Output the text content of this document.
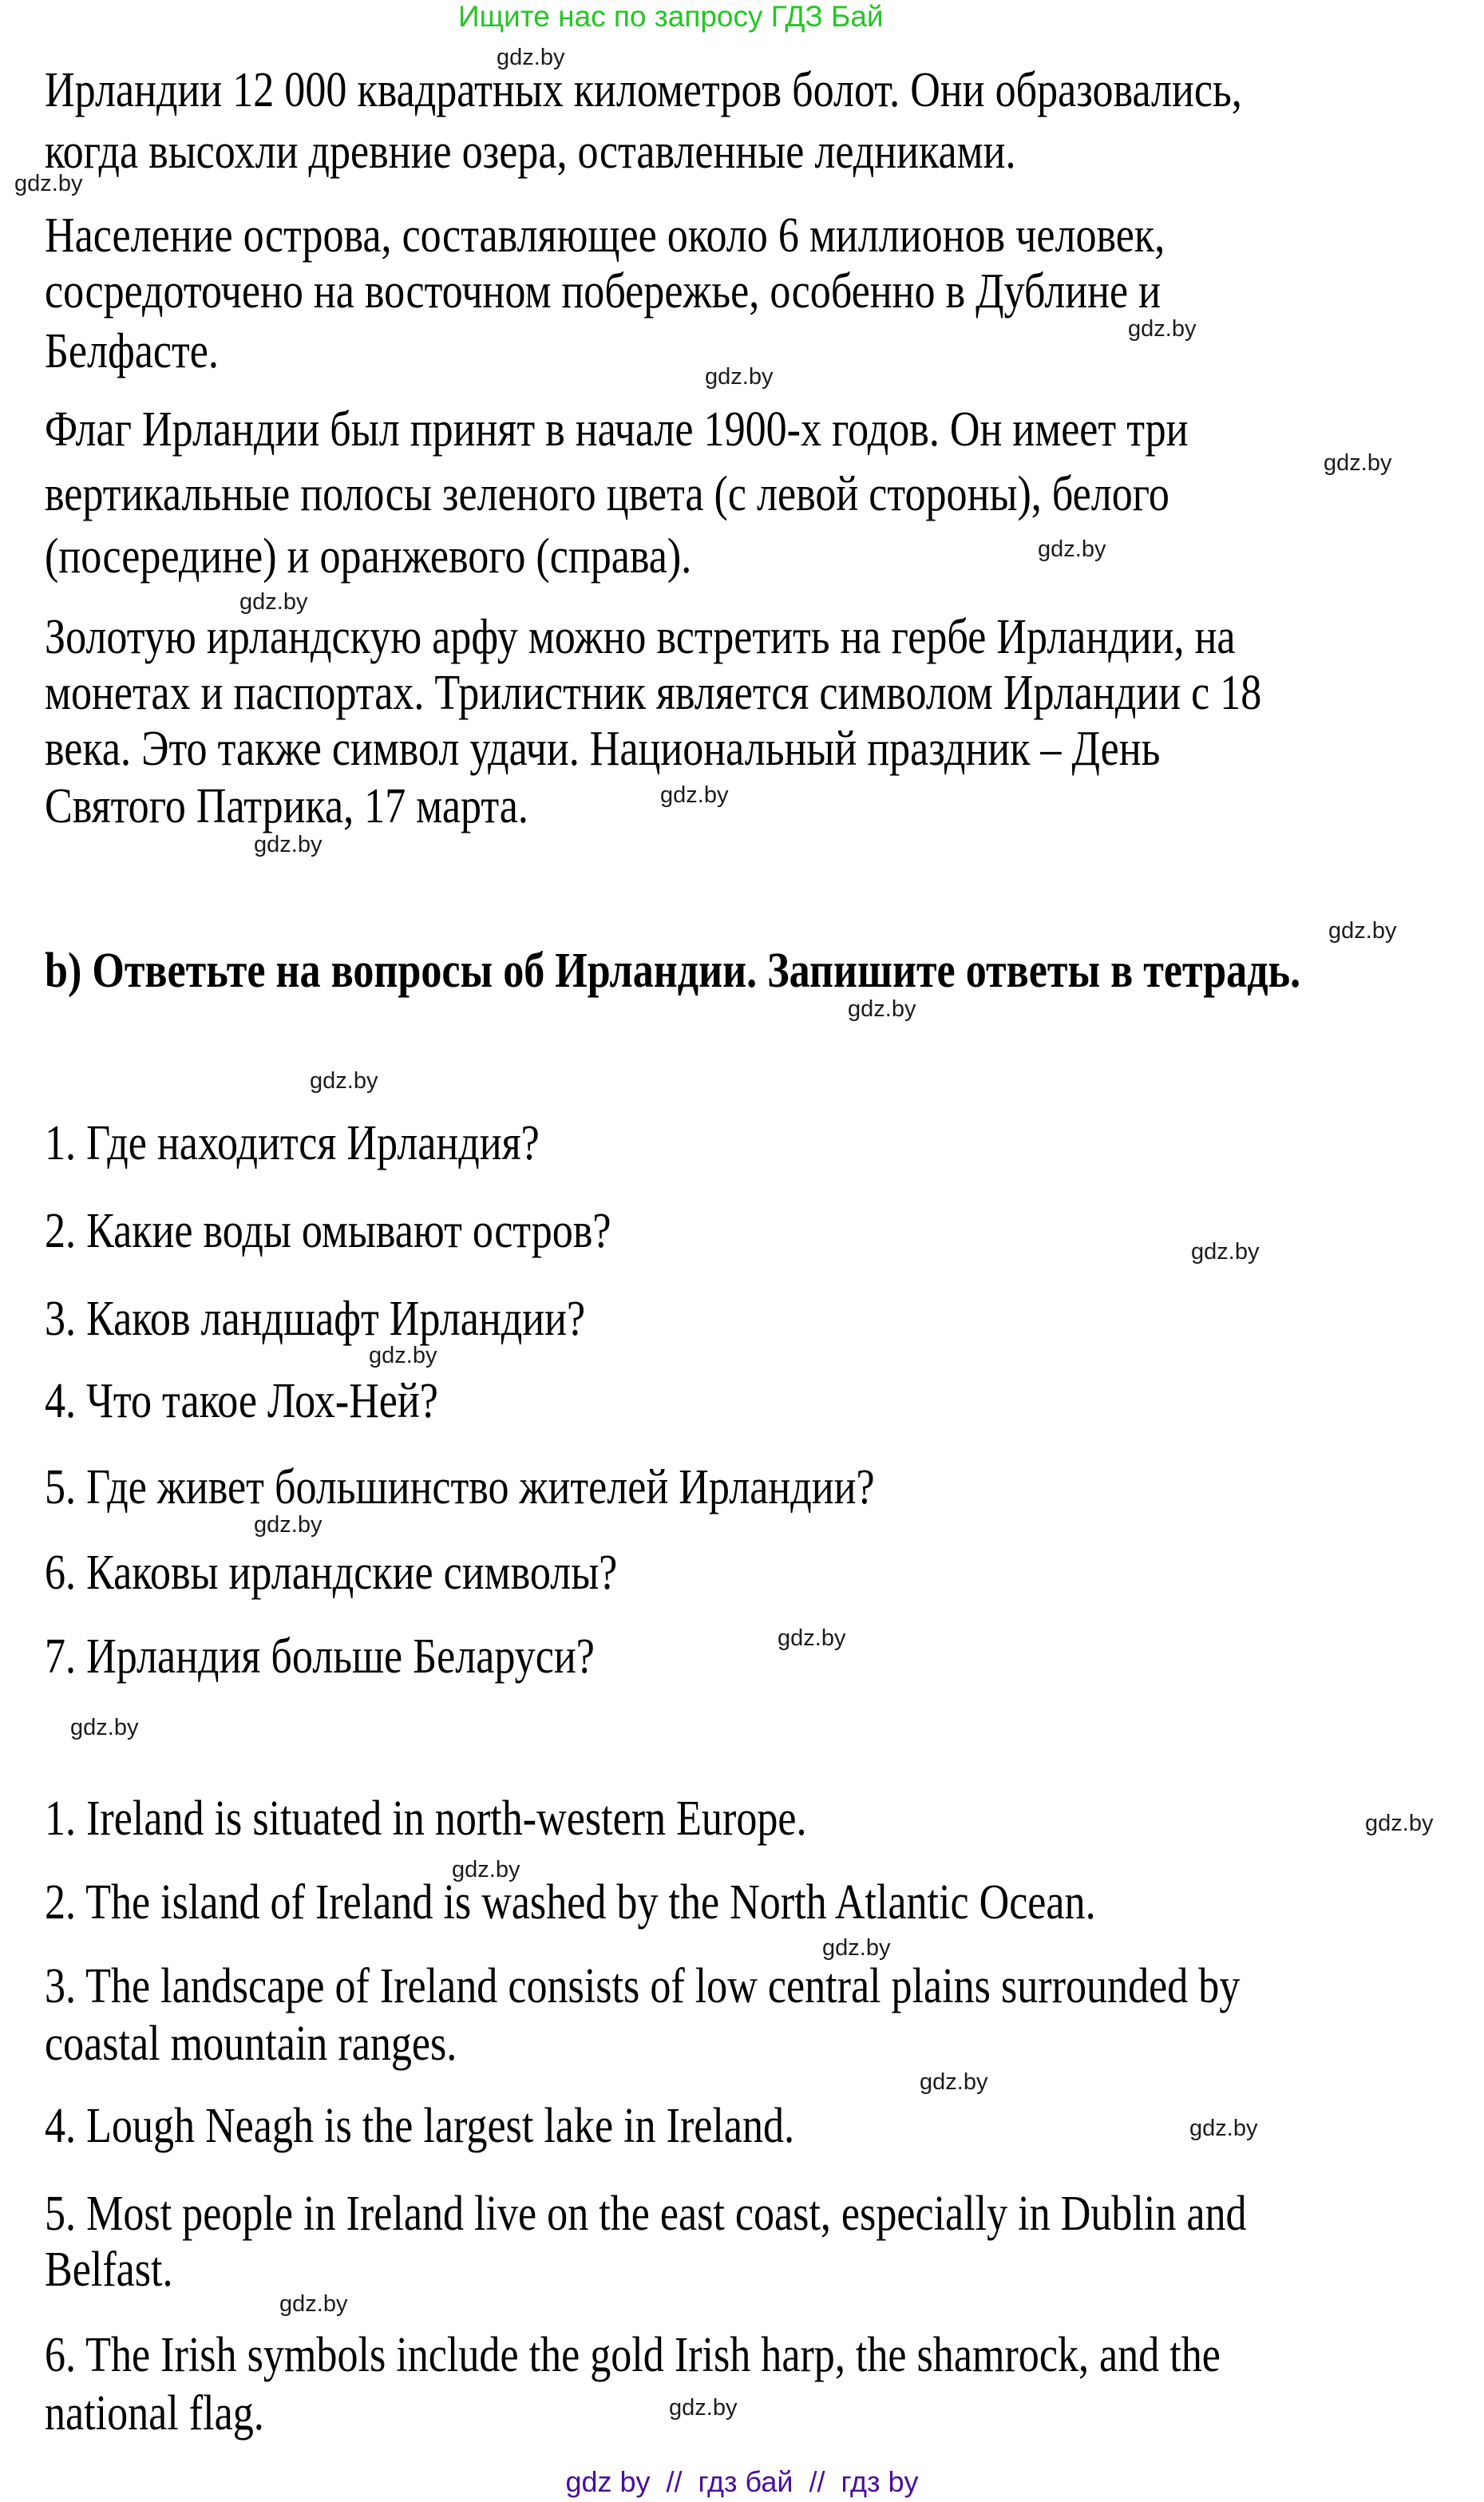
Ищите нас по запросу ГДЗ Бай
Ирландии 12 000 квадратных километров болот. Они образовались,
когда высохли древние озера, оставленные ледниками.
Население острова, составляющее около 6 миллионов человек,
сосредоточено на восточном побережье, особенно в Дублине и
Белфасте.
Флаг Ирландии был принят в начале 1900-х годов. Он имеет три
вертикальные полосы зеленого цвета (с левой стороны), белого
(посередине) и оранжевого (справа).
Золотую ирландскую арфу можно встретить на гербе Ирландии, на
монетах и паспортах. Трилистник является символом Ирландии с 18
века. Это также символ удачи. Национальный праздник – День
Святого Патрика, 17 марта.
b) Ответьте на вопросы об Ирландии. Запишите ответы в тетрадь.
1. Где находится Ирландия?
2. Какие воды омывают остров?
3. Каков ландшафт Ирландии?
4. Что такое Лох-Ней?
5. Где живет большинство жителей Ирландии?
6. Каковы ирландские символы?
7. Ирландия больше Беларуси?
1. Ireland is situated in north-western Europe.
2. The island of Ireland is washed by the North Atlantic Ocean.
3. The landscape of Ireland consists of low central plains surrounded by
coastal mountain ranges.
4. Lough Neagh is the largest lake in Ireland.
5. Most people in Ireland live on the east coast, especially in Dublin and
Belfast.
6. The Irish symbols include the gold Irish harp, the shamrock, and the
national flag.
gdz.by
gdz.by
gdz.by
gdz.by
gdz.by
gdz.by
gdz.by
gdz.by
gdz.by
gdz.by
gdz.by
gdz.by
gdz.by
gdz.by
gdz.by
gdz.by
gdz.by
gdz.by
gdz.by
gdz.by
gdz.by
gdz.by
gdz.by
gdz.by
gdz by  //  гдз бай  //  гдз by
